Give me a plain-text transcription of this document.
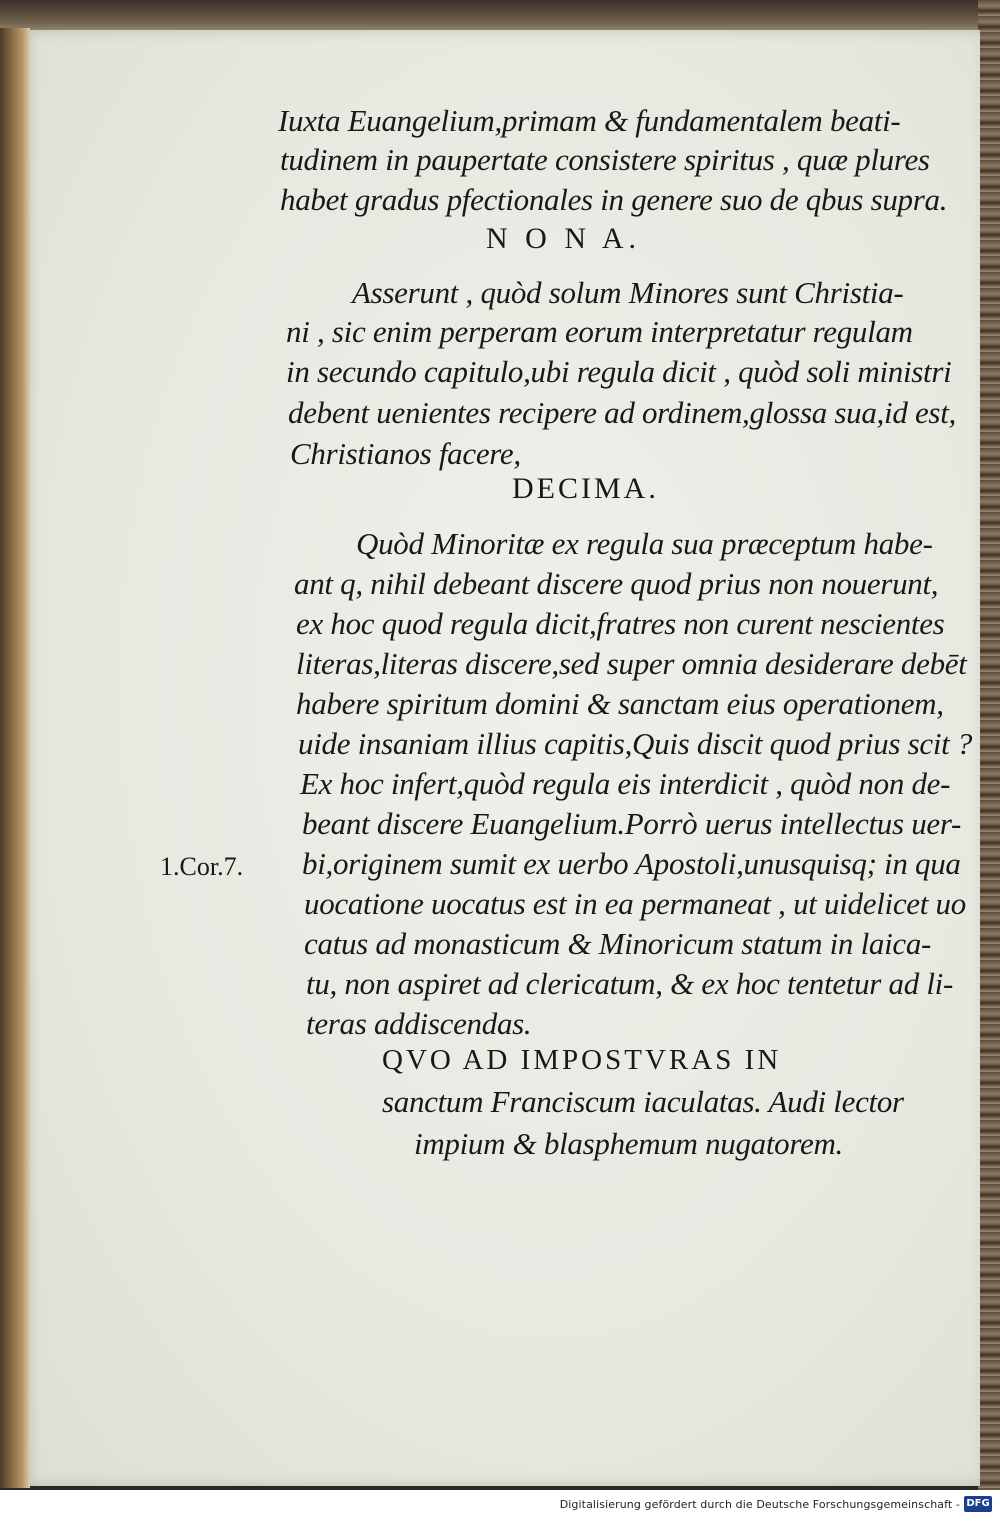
Iuxta Euangelium,primam & fundamentalem beati-
tudinem in paupertate consistere spiritus , quæ plures
habet gradus pfectionales in genere suo de qbus supra.
N O N A.
Asserunt , quòd solum Minores sunt Christia-
ni , sic enim perperam eorum interpretatur regulam
in secundo capitulo,ubi regula dicit , quòd soli ministri
debent uenientes recipere ad ordinem,glossa sua,id est,
Christianos facere,
DECIMA.
Quòd Minoritæ ex regula sua præceptum habe-
ant q, nihil debeant discere quod prius non nouerunt,
ex hoc quod regula dicit,fratres non curent nescientes
literas,literas discere,sed super omnia desiderare debēt
habere spiritum domini & sanctam eius operationem,
uide insaniam illius capitis,Quis discit quod prius scit ?
Ex hoc infert,quòd regula eis interdicit , quòd non de-
beant discere Euangelium.Porrò uerus intellectus uer-
bi,originem sumit ex uerbo Apostoli,unusquisq; in qua
uocatione uocatus est in ea permaneat , ut uidelicet uo
catus ad monasticum & Minoricum statum in laica-
tu, non aspiret ad clericatum, & ex hoc tentetur ad li-
teras addiscendas.
1.Cor.7.
QVO AD IMPOSTVRAS IN
sanctum Franciscum iaculatas. Audi lector
impium & blasphemum nugatorem.
Digitalisierung gefördert durch die Deutsche Forschungsgemeinschaft - DFG
